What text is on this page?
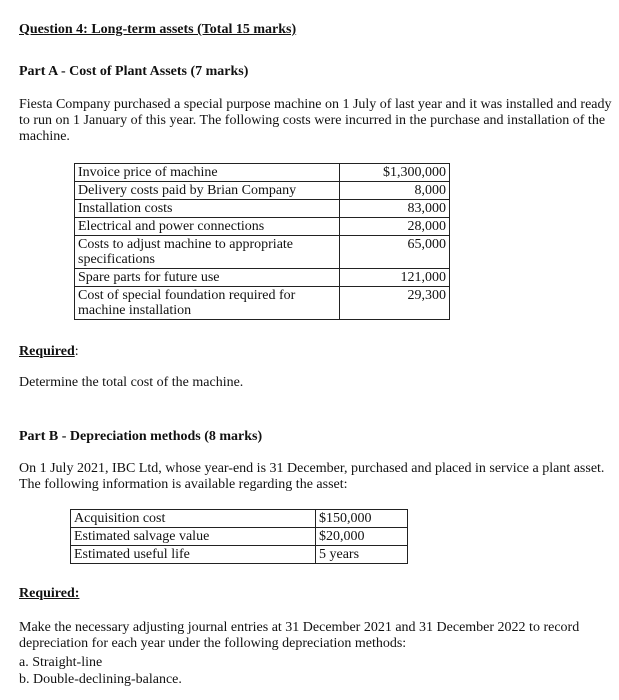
Question 4: Long-term assets (Total 15 marks)
Part A - Cost of Plant Assets (7 marks)
Fiesta Company purchased a special purpose machine on 1 July of last year and it was installed and ready to run on 1 January of this year. The following costs were incurred in the purchase and installation of the machine.
Invoice price of machine	$1,300,000
Delivery costs paid by Brian Company	8,000
Installation costs	83,000
Electrical and power connections	28,000
Costs to adjust machine to appropriate specifications	65,000
Spare parts for future use	121,000
Cost of special foundation required for machine installation	29,300
Required:
Determine the total cost of the machine.
Part B - Depreciation methods (8 marks)
On 1 July 2021, IBC Ltd, whose year-end is 31 December, purchased and placed in service a plant asset. The following information is available regarding the asset:
Acquisition cost	$150,000
Estimated salvage value	$20,000
Estimated useful life	5 years
Required:
Make the necessary adjusting journal entries at 31 December 2021 and 31 December 2022 to record depreciation for each year under the following depreciation methods:
a. Straight-line
b. Double-declining-balance.
